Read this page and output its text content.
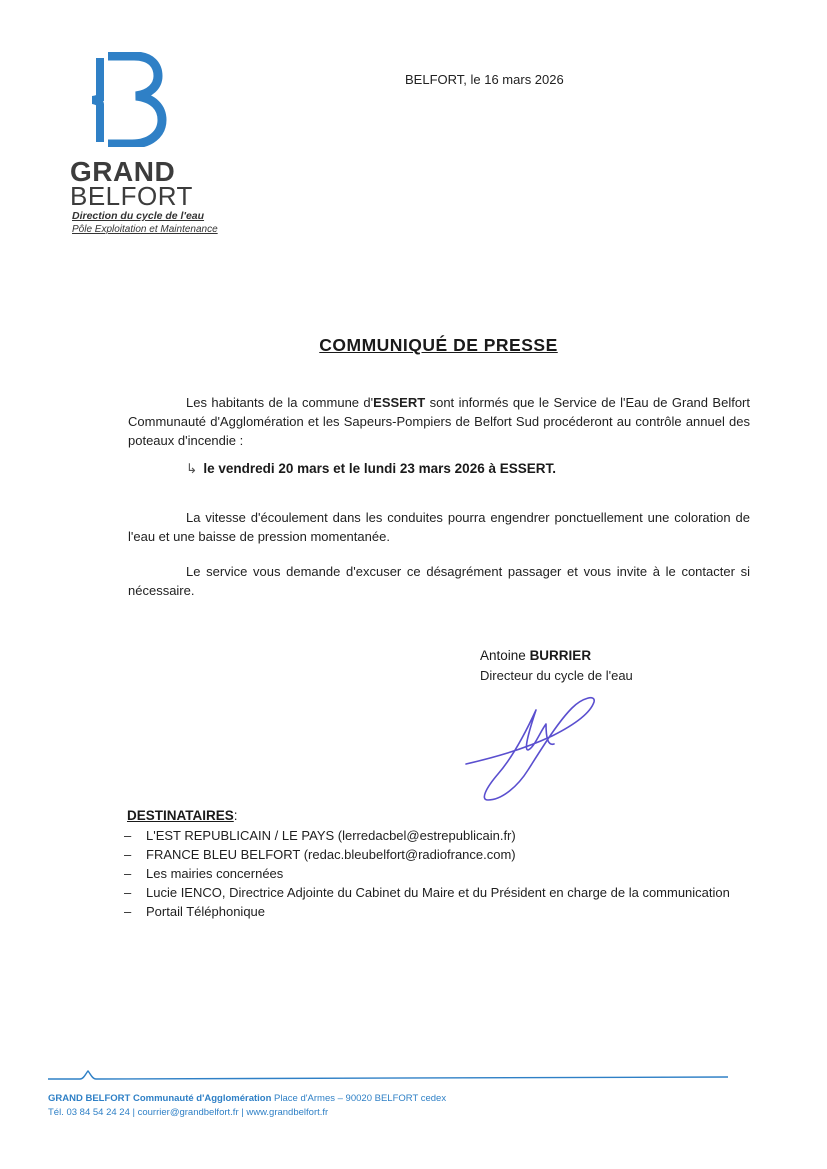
GRAND
BELFORT
Direction du cycle de l'eau
Pôle Exploitation et Maintenance
BELFORT, le 16 mars 2026
COMMUNIQUÉ DE PRESSE
Les habitants de la commune d'ESSERT sont informés que le Service de l'Eau de Grand Belfort Communauté d'Agglomération et les Sapeurs-Pompiers de Belfort Sud procéderont au contrôle annuel des poteaux d'incendie :
↳ le vendredi 20 mars et le lundi 23 mars 2026 à ESSERT.
La vitesse d'écoulement dans les conduites pourra engendrer ponctuellement une coloration de l'eau et une baisse de pression momentanée.
Le service vous demande d'excuser ce désagrément passager et vous invite à le contacter si nécessaire.
Antoine BURRIER
Directeur du cycle de l'eau
DESTINATAIRES:
– L'EST REPUBLICAIN / LE PAYS (lerredacbel@estrepublicain.fr)
– FRANCE BLEU BELFORT (redac.bleubelfort@radiofrance.com)
– Les mairies concernées
– Lucie IENCO, Directrice Adjointe du Cabinet du Maire et du Président en charge de la communication
– Portail Téléphonique
GRAND BELFORT Communauté d'Agglomération Place d'Armes – 90020 BELFORT cedex
Tél. 03 84 54 24 24 | courrier@grandbelfort.fr | www.grandbelfort.fr
